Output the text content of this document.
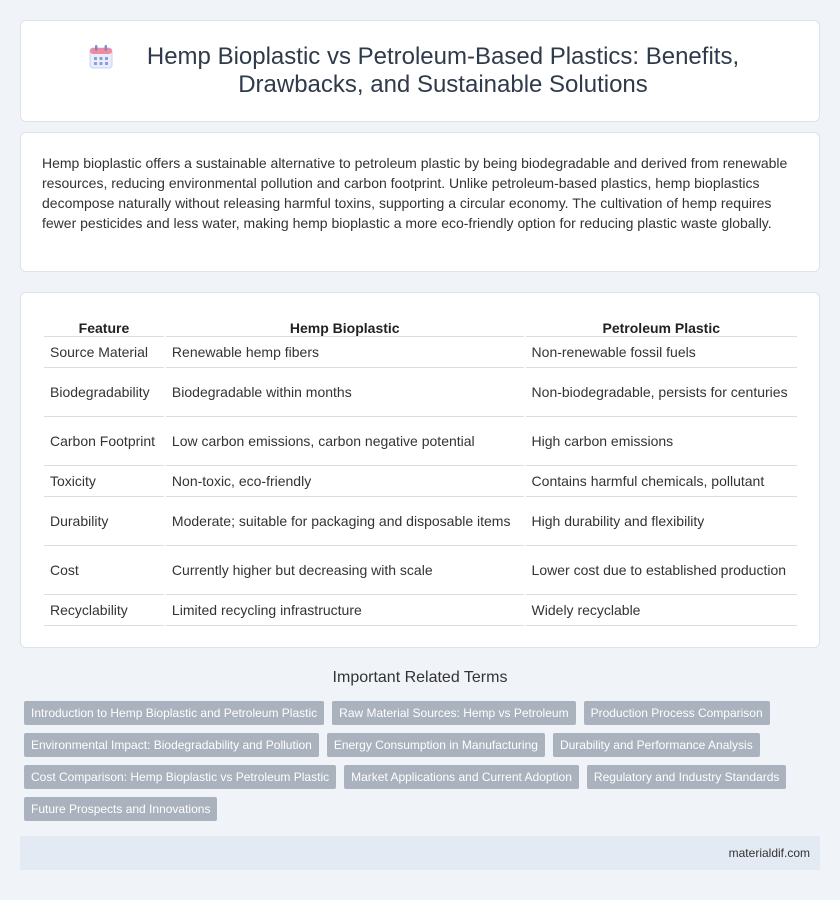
Hemp Bioplastic vs Petroleum-Based Plastics: Benefits, Drawbacks, and Sustainable Solutions

Hemp bioplastic offers a sustainable alternative to petroleum plastic by being biodegradable and derived from renewable resources, reducing environmental pollution and carbon footprint. Unlike petroleum-based plastics, hemp bioplastics decompose naturally without releasing harmful toxins, supporting a circular economy. The cultivation of hemp requires fewer pesticides and less water, making hemp bioplastic a more eco-friendly option for reducing plastic waste globally.

Feature	Hemp Bioplastic	Petroleum Plastic
Source Material	Renewable hemp fibers	Non-renewable fossil fuels
Biodegradability	Biodegradable within months	Non-biodegradable, persists for centuries
Carbon Footprint	Low carbon emissions, carbon negative potential	High carbon emissions
Toxicity	Non-toxic, eco-friendly	Contains harmful chemicals, pollutant
Durability	Moderate; suitable for packaging and disposable items	High durability and flexibility
Cost	Currently higher but decreasing with scale	Lower cost due to established production
Recyclability	Limited recycling infrastructure	Widely recyclable
Important Related Terms
Introduction to Hemp Bioplastic and Petroleum Plastic	Raw Material Sources: Hemp vs Petroleum	Production Process Comparison
Environmental Impact: Biodegradability and Pollution	Energy Consumption in Manufacturing	Durability and Performance Analysis
Cost Comparison: Hemp Bioplastic vs Petroleum Plastic	Market Applications and Current Adoption	Regulatory and Industry Standards
Future Prospects and Innovations
materialdif.com
